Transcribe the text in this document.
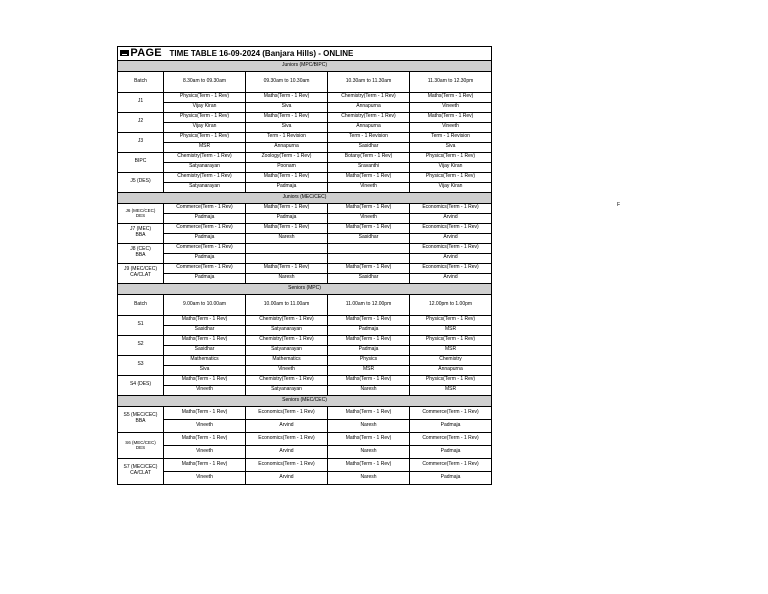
PAGE	TIME TABLE 16-09-2024 (Banjara Hills) - ONLINE			
Juniors (MPC/BIPC)				
Batch	8.30am to 09.30am	09.30am to 10.30am	10.30am to 11.30am	11.30am to 12.30pm
J1	Physics(Term - 1 Rev)	Maths(Term - 1 Rev)	Chemistry(Term - 1 Rev)	Maths(Term - 1 Rev)
	Vijay Kiran	Siva	Annapurna	Vineeth
J2	Physics(Term - 1 Rev)	Maths(Term - 1 Rev)	Chemistry(Term - 1 Rev)	Maths(Term - 1 Rev)
	Vijay Kiran	Siva	Annapurna	Vineeth
J3	Physics(Term - 1 Rev)	Term - 1 Revision	Term - 1 Revision	Term - 1 Revision
	MSR	Annapurna	Sasidhar	Siva
BIPC	Chemistry(Term - 1 Rev)	Zoology(Term - 1 Rev)	Botany(Term - 1 Rev)	Physics(Term - 1 Rev)
	Satyanarayan	Poonam	Sravanthi	Vijay Kiran
J5 (DES)	Chemistry(Term - 1 Rev)	Maths(Term - 1 Rev)	Maths(Term - 1 Rev)	Physics(Term - 1 Rev)
	Satyanarayan	Padmaja	Vineeth	Vijay Kiran
Juniors (MEC/CEC)				

J6 (MEC/CEC)
DES	Commerce(Term - 1 Rev)	Maths(Term - 1 Rev)	Maths(Term - 1 Rev)	Economics(Term - 1 Rev)
	Padmaja	Padmaja	Vineeth	Arvind

J7 (MEC)
BBA	Commerce(Term - 1 Rev)	Maths(Term - 1 Rev)	Maths(Term - 1 Rev)	Economics(Term - 1 Rev)
	Padmaja	Naresh	Sasidhar	Arvind

J8 (CEC)
BBA	Commerce(Term - 1 Rev)			Economics(Term - 1 Rev)
	Padmaja			Arvind

J9 (MEC/CEC)
CA/CLAT	Commerce(Term - 1 Rev)	Maths(Term - 1 Rev)	Maths(Term - 1 Rev)	Economics(Term - 1 Rev)
	Padmaja	Naresh	Sasidhar	Arvind
Seniors (MPC)				
Batch	9.00am to 10.00am	10.00am to 11.00am	11.00am to 12.00pm	12.00pm to 1.00pm
S1	Maths(Term - 1 Rev)	Chemistry(Term - 1 Rev)	Maths(Term - 1 Rev)	Physics(Term - 1 Rev)
	Sasidhar	Satyanarayan	Padmaja	MSR
S2	Maths(Term - 1 Rev)	Chemistry(Term - 1 Rev)	Maths(Term - 1 Rev)	Physics(Term - 1 Rev)
	Sasidhar	Satyanarayan	Padmaja	MSR
S3	Mathematics	Mathematics	Physics	Chemistry
	Siva	Vineeth	MSR	Annapurna
S4 (DES)	Maths(Term - 1 Rev)	Chemistry(Term - 1 Rev)	Maths(Term - 1 Rev)	Physics(Term - 1 Rev)
	Vineeth	Satyanarayan	Naresh	MSR
Seniors (MEC/CEC)				

S5 (MEC/CEC)
BBA	Maths(Term - 1 Rev)	Economics(Term - 1 Rev)	Maths(Term - 1 Rev)	Commerce(Term - 1 Rev)
	Vineeth	Arvind	Naresh	Padmaja

S6 (MEC/CEC)
DES	Maths(Term - 1 Rev)	Economics(Term - 1 Rev)	Maths(Term - 1 Rev)	Commerce(Term - 1 Rev)
	Vineeth	Arvind	Naresh	Padmaja

S7 (MEC/CEC)
CA/CLAT	Maths(Term - 1 Rev)	Economics(Term - 1 Rev)	Maths(Term - 1 Rev)	Commerce(Term - 1 Rev)
	Vineeth	Arvind	Naresh	Padmaja
F
